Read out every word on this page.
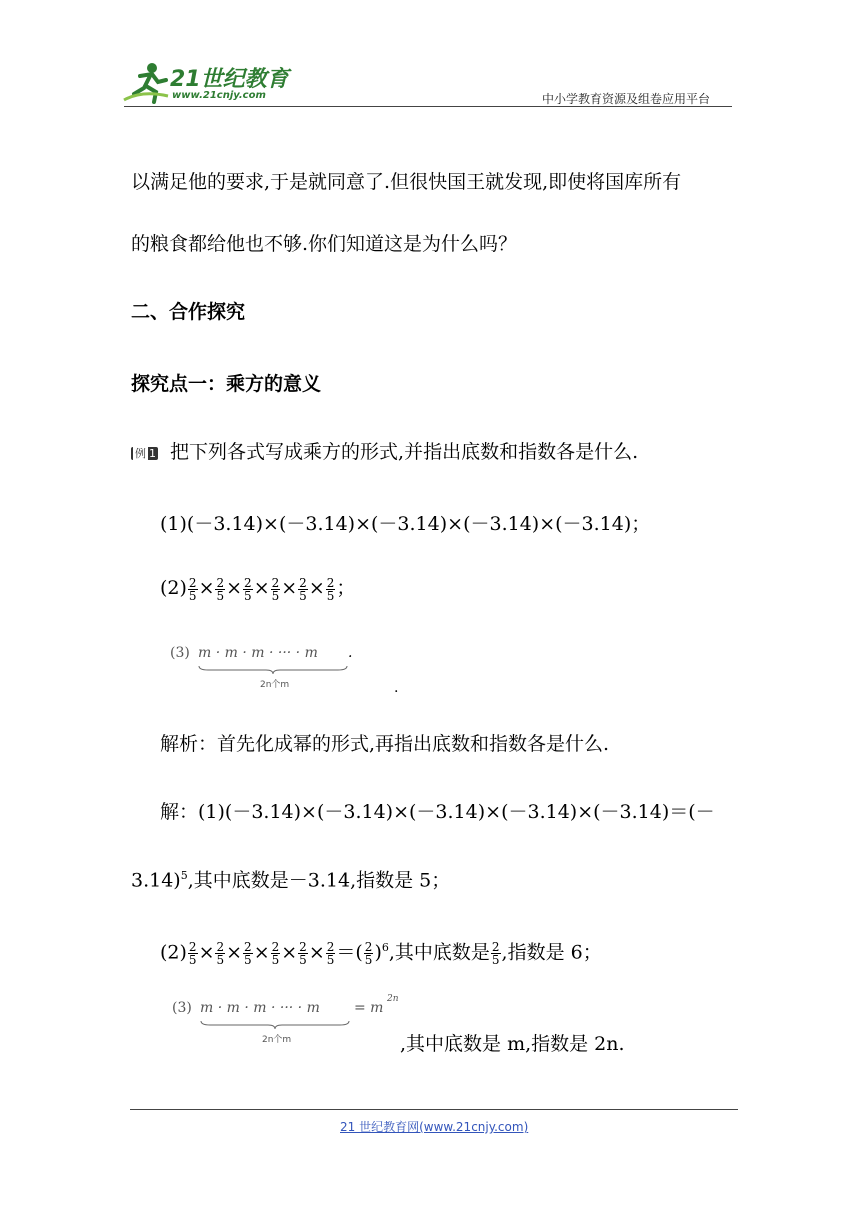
21世纪教育
www.21cnjy.com	中小学教育资源及组卷应用平台
以满足他的要求,于是就同意了.但很快国王就发现,即使将国库所有
的粮食都给他也不够.你们知道这是为什么吗？
二、合作探究
探究点一：乘方的意义
例 1 把下列各式写成乘方的形式,并指出底数和指数各是什么.
(1)(－3.14)×(－3.14)×(－3.14)×(－3.14)×(－3.14)；
$(2) \frac{2}{5} \times \frac{2}{5} \times \frac{2}{5} \times \frac{2}{5} \times \frac{2}{5} \times \frac{2}{5}$ ；
(3) m · m · m · ··· · m .
2n个m	.
解析：首先化成幂的形式,再指出底数和指数各是什么.
解：(1)(－3.14)×(－3.14)×(－3.14)×(－3.14)×(－3.14)＝(－
3.14)$^5$,其中底数是－3.14,指数是 5；
$(2) \frac{2}{5} \times \frac{2}{5} \times \frac{2}{5} \times \frac{2}{5} \times \frac{2}{5} \times \frac{2}{5}$ ＝( $\frac{2}{5} )^6$,其中底数是 $\frac{2}{5}$ ,指数是 6；
(3) m · m · m · ··· · m = m
2n
2n个m	,其中底数是 m,指数是 2n.
21 世纪教育网(www.21cnjy.com)
